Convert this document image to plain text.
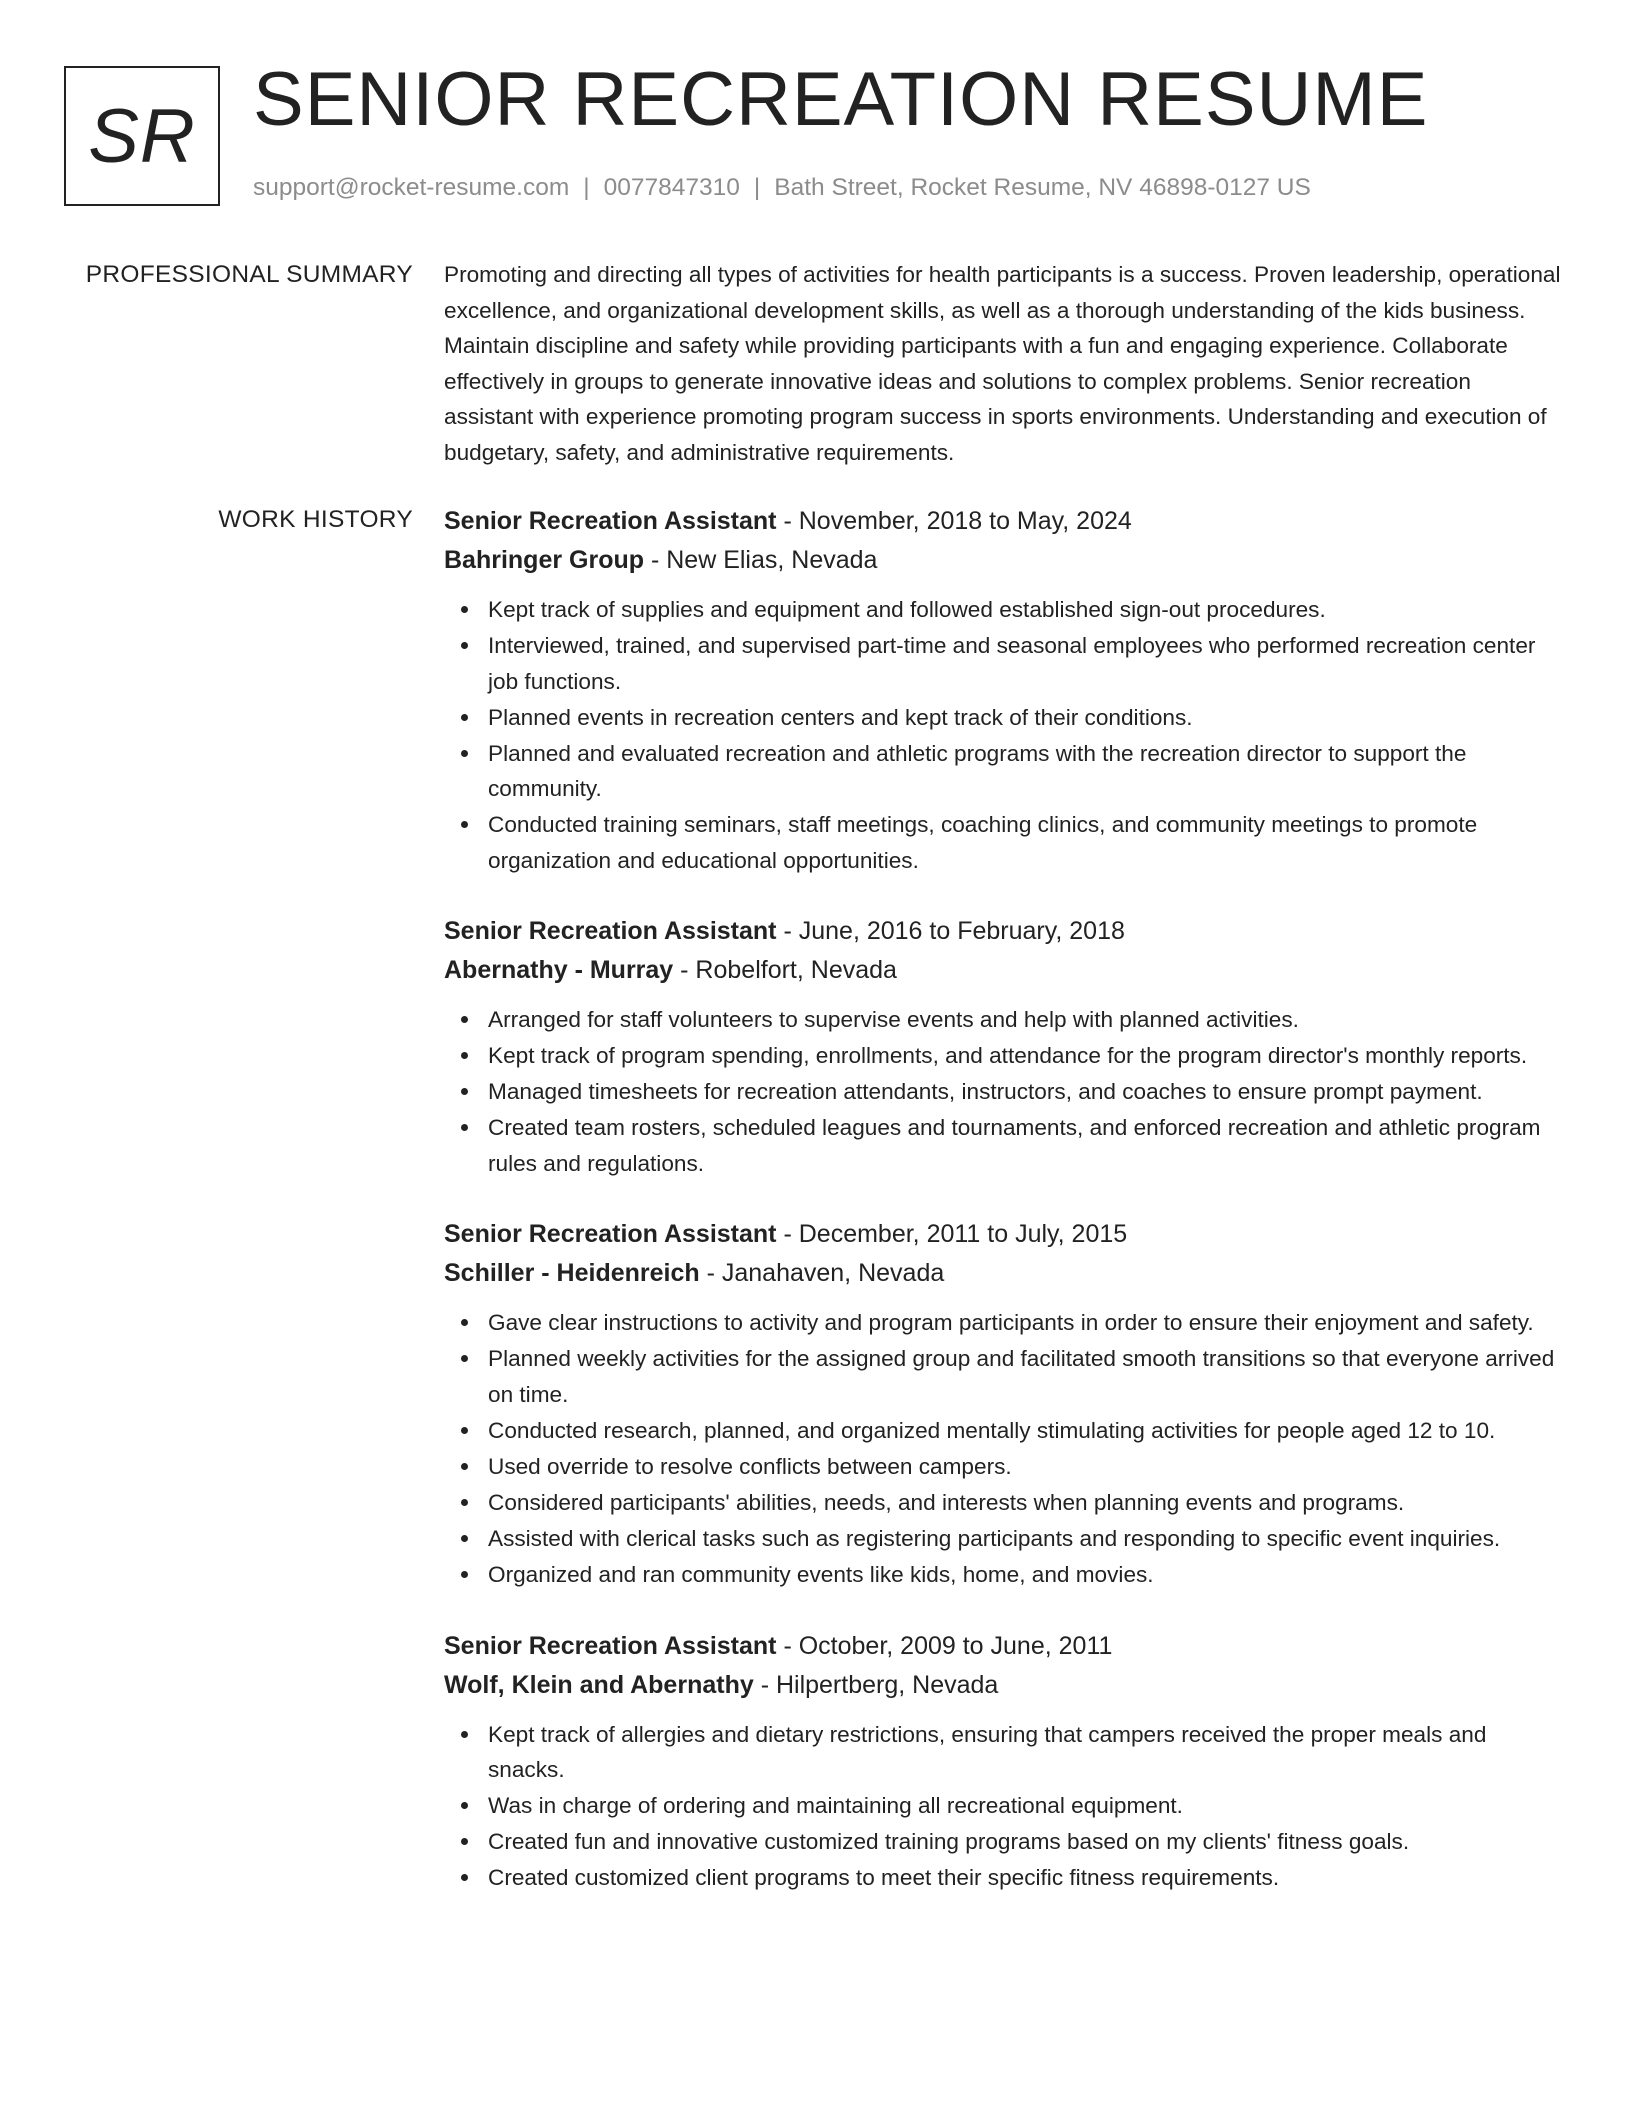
SR SENIOR RECREATION RESUME
support@rocket-resume.com | 0077847310 | Bath Street, Rocket Resume, NV 46898-0127 US
PROFESSIONAL SUMMARY Promoting and directing all types of activities for health participants is a success. Proven leadership, operational excellence, and organizational development skills, as well as a thorough understanding of the kids business. Maintain discipline and safety while providing participants with a fun and engaging experience. Collaborate effectively in groups to generate innovative ideas and solutions to complex problems. Senior recreation assistant with experience promoting program success in sports environments. Understanding and execution of budgetary, safety, and administrative requirements.

WORK HISTORY Senior Recreation Assistant - November, 2018 to May, 2024
Bahringer Group - New Elias, Nevada
Kept track of supplies and equipment and followed established sign-out procedures.
Interviewed, trained, and supervised part-time and seasonal employees who performed recreation center job functions.
Planned events in recreation centers and kept track of their conditions.
Planned and evaluated recreation and athletic programs with the recreation director to support the community.
Conducted training seminars, staff meetings, coaching clinics, and community meetings to promote organization and educational opportunities.
Senior Recreation Assistant - June, 2016 to February, 2018
Abernathy - Murray - Robelfort, Nevada
Arranged for staff volunteers to supervise events and help with planned activities.
Kept track of program spending, enrollments, and attendance for the program director's monthly reports.
Managed timesheets for recreation attendants, instructors, and coaches to ensure prompt payment.
Created team rosters, scheduled leagues and tournaments, and enforced recreation and athletic program rules and regulations.
Senior Recreation Assistant - December, 2011 to July, 2015
Schiller - Heidenreich - Janahaven, Nevada
Gave clear instructions to activity and program participants in order to ensure their enjoyment and safety.
Planned weekly activities for the assigned group and facilitated smooth transitions so that everyone arrived on time.
Conducted research, planned, and organized mentally stimulating activities for people aged 12 to 10.
Used override to resolve conflicts between campers.
Considered participants' abilities, needs, and interests when planning events and programs.
Assisted with clerical tasks such as registering participants and responding to specific event inquiries.
Organized and ran community events like kids, home, and movies.
Senior Recreation Assistant - October, 2009 to June, 2011
Wolf, Klein and Abernathy - Hilpertberg, Nevada
Kept track of allergies and dietary restrictions, ensuring that campers received the proper meals and snacks.
Was in charge of ordering and maintaining all recreational equipment.
Created fun and innovative customized training programs based on my clients' fitness goals.
Created customized client programs to meet their specific fitness requirements.
